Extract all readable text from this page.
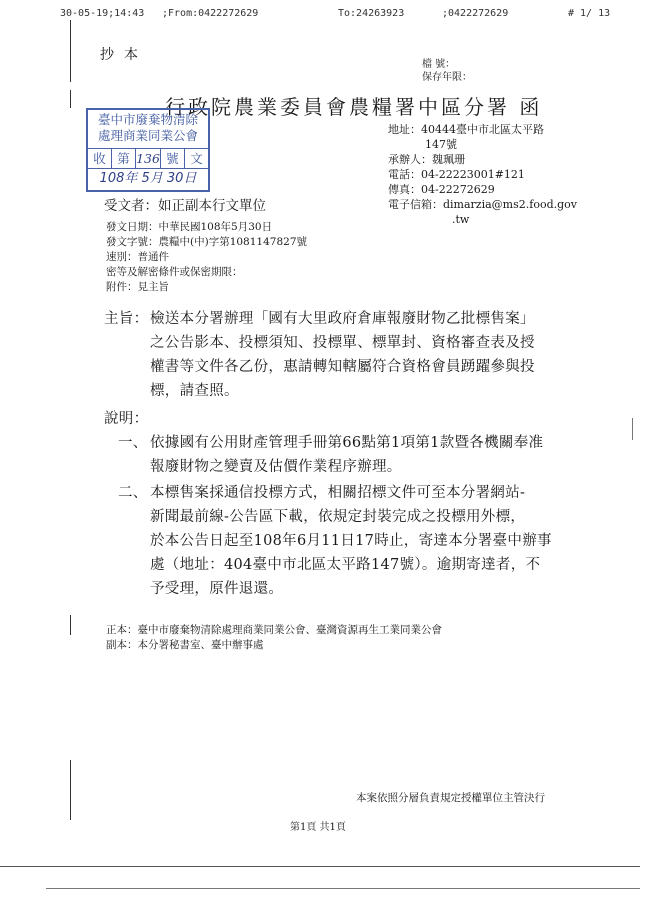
30-05-19;14:43 ;From:0422272629	To:24263923	;0422272629	# 1/ 13
抄本
檔 號：
保存年限：
行政院農業委員會農糧署中區分署 函
臺中市廢棄物清除
處理商業同業公會
收 第 136 號 文
108年 5月 30日
地址：40444臺中市北區太平路
147號
承辦人：魏珮珊
電話：04-22223001#121
傳真：04-22272629
電子信箱：dimarzia@ms2.food.gov
.tw
受文者：如正副本行文單位
發文日期：中華民國108年5月30日
發文字號：農糧中(中)字第1081147827號
速別：普通件
密等及解密條件或保密期限：
附件：見主旨
主旨： 檢送本分署辦理「國有大里政府倉庫報廢財物乙批標售案」
之公告影本、投標須知、投標單、標單封、資格審查表及授
權書等文件各乙份，惠請轉知轄屬符合資格會員踴躍參與投
標，請查照。
說明：
一、 依據國有公用財產管理手冊第66點第1項第1款暨各機關奉准
報廢財物之變賣及估價作業程序辦理。
二、 本標售案採通信投標方式，相關招標文件可至本分署網站-
新聞最前線-公告區下載，依規定封裝完成之投標用外標，
於本公告日起至108年6月11日17時止，寄達本分署臺中辦事
處（地址：404臺中市北區太平路147號）。逾期寄達者，不
予受理，原件退還。
正本：臺中市廢棄物清除處理商業同業公會、臺灣資源再生工業同業公會
副本：本分署秘書室、臺中辦事處
本案依照分層負責規定授權單位主管決行
第1頁 共1頁
